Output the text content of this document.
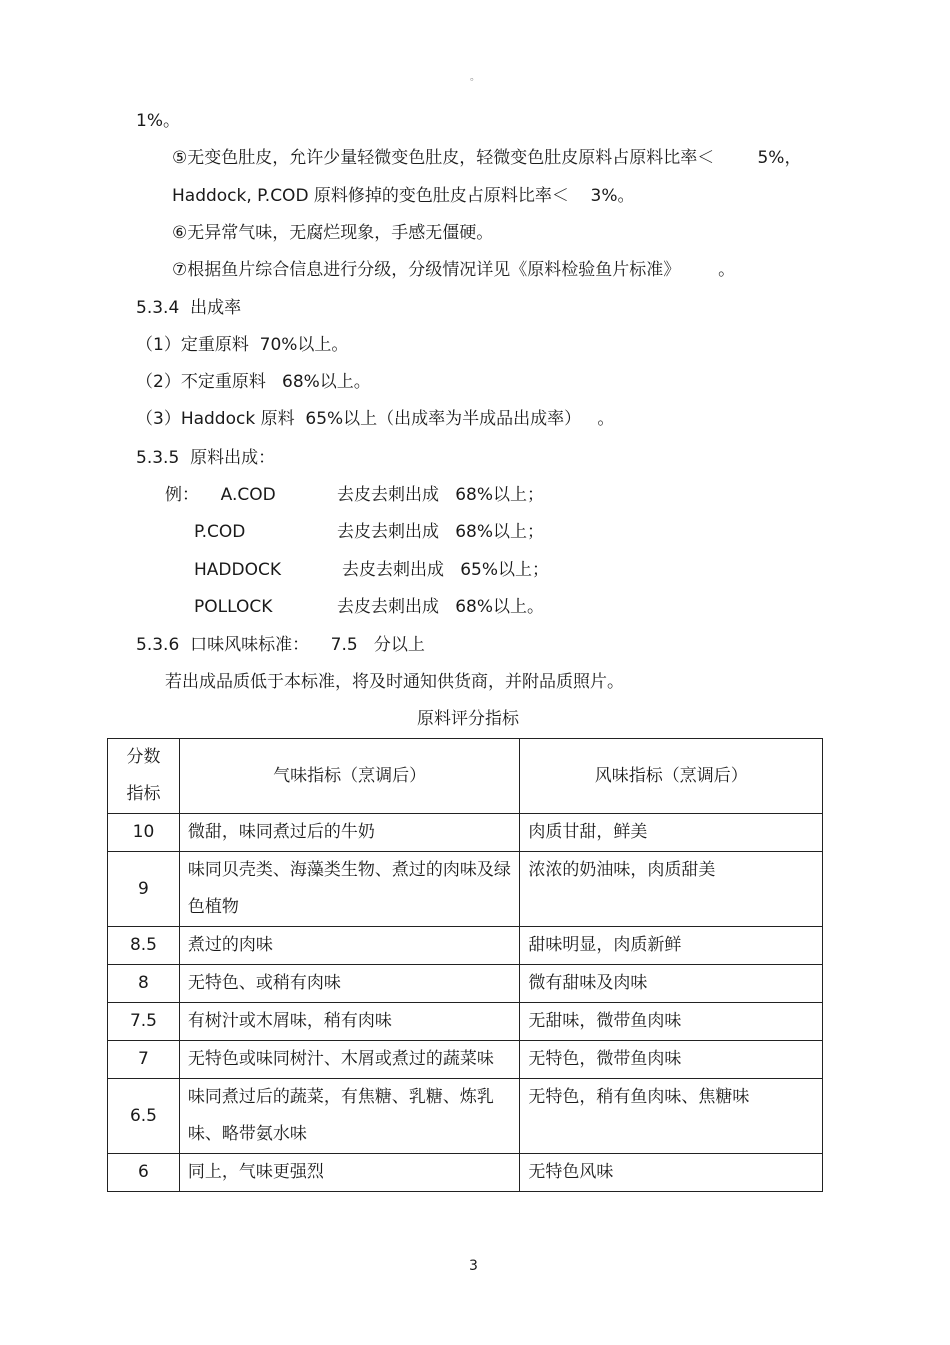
。
1%。
⑤无变色肚皮，允许少量轻微变色肚皮，轻微变色肚皮原料占原料比率＜        5%，
Haddock, P.COD 原料修掉的变色肚皮占原料比率＜    3%。
⑥无异常气味，无腐烂现象，手感无僵硬。
⑦根据鱼片综合信息进行分级，分级情况详见《原料检验鱼片标准》       。
5.3.4  出成率
（1）定重原料  70%以上。
（2）不定重原料   68%以上。
（3）Haddock 原料  65%以上（出成率为半成品出成率）   。
5.3.5  原料出成：
例：    A.COD	去皮去刺出成   68%以上；
P.COD	去皮去刺出成   68%以上；
HADDOCK	去皮去刺出成   65%以上；
POLLOCK	去皮去刺出成   68%以上。
5.3.6  口味风味标准：    7.5   分以上
若出成品质低于本标准，将及时通知供货商，并附品质照片。
原料评分指标
分数
指标	气味指标（烹调后）	风味指标（烹调后）
10	微甜，味同煮过后的牛奶	肉质甘甜，鲜美
9	味同贝壳类、海藻类生物、煮过的肉味及绿色植物	浓浓的奶油味，肉质甜美
8.5	煮过的肉味	甜味明显，肉质新鲜
8	无特色、或稍有肉味	微有甜味及肉味
7.5	有树汁或木屑味，稍有肉味	无甜味，微带鱼肉味
7	无特色或味同树汁、木屑或煮过的蔬菜味	无特色，微带鱼肉味
6.5	味同煮过后的蔬菜，有焦糖、乳糖、炼乳味、略带氨水味	无特色，稍有鱼肉味、焦糖味
6	同上，气味更强烈	无特色风味
3
